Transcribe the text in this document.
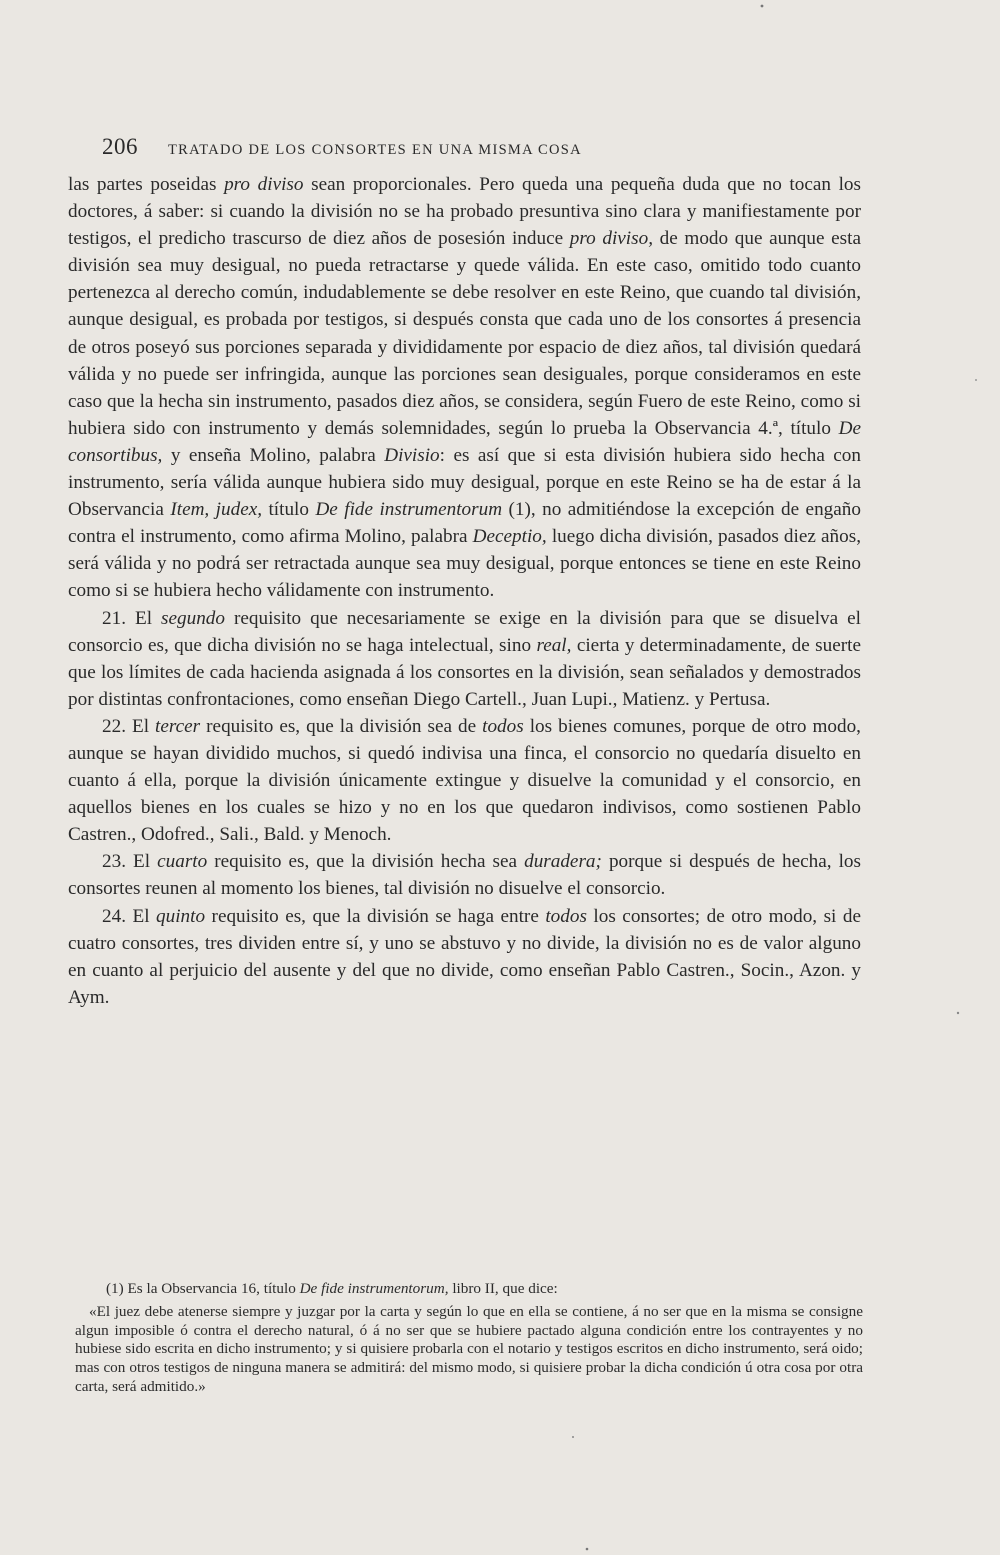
206 TRATADO DE LOS CONSORTES EN UNA MISMA COSA

las partes poseidas pro diviso sean proporcionales. Pero queda una pequeña duda que no tocan los doctores, á saber: si cuando la división no se ha probado presuntiva sino clara y manifiestamente por testigos, el predicho trascurso de diez años de posesión induce pro diviso, de modo que aunque esta división sea muy desigual, no pueda retractarse y quede válida. En este caso, omitido todo cuanto pertenezca al derecho común, indudablemente se debe resolver en este Reino, que cuando tal división, aunque desigual, es probada por testigos, si después consta que cada uno de los consortes á presencia de otros poseyó sus porciones separada y divididamente por espacio de diez años, tal división quedará válida y no puede ser infringida, aunque las porciones sean desiguales, porque consideramos en este caso que la hecha sin instrumento, pasados diez años, se considera, según Fuero de este Reino, como si hubiera sido con instrumento y demás solemnidades, según lo prueba la Observancia 4.ª, título De consortibus, y enseña Molino, palabra Divisio: es así que si esta división hubiera sido hecha con instrumento, sería válida aunque hubiera sido muy desigual, porque en este Reino se ha de estar á la Observancia Item, judex, título De fide instrumentorum (1), no admitiéndose la excepción de engaño contra el instrumento, como afirma Molino, palabra Deceptio, luego dicha división, pasados diez años, será válida y no podrá ser retractada aunque sea muy desigual, porque entonces se tiene en este Reino como si se hubiera hecho válidamente con instrumento.

21. El segundo requisito que necesariamente se exige en la división para que se disuelva el consorcio es, que dicha división no se haga intelectual, sino real, cierta y determinadamente, de suerte que los límites de cada hacienda asignada á los consortes en la división, sean señalados y demostrados por distintas confrontaciones, como enseñan Diego Cartell., Juan Lupi., Matienz. y Pertusa.

22. El tercer requisito es, que la división sea de todos los bienes comunes, porque de otro modo, aunque se hayan dividido muchos, si quedó indivisa una finca, el consorcio no quedaría disuelto en cuanto á ella, porque la división únicamente extingue y disuelve la comunidad y el consorcio, en aquellos bienes en los cuales se hizo y no en los que quedaron indivisos, como sostienen Pablo Castren., Odofred., Sali., Bald. y Menoch.

23. El cuarto requisito es, que la división hecha sea duradera; porque si después de hecha, los consortes reunen al momento los bienes, tal división no disuelve el consorcio.

24. El quinto requisito es, que la división se haga entre todos los consortes; de otro modo, si de cuatro consortes, tres dividen entre sí, y uno se abstuvo y no divide, la división no es de valor alguno en cuanto al perjuicio del ausente y del que no divide, como enseñan Pablo Castren., Socin., Azon. y Aym.

(1) Es la Observancia 16, título De fide instrumentorum, libro II, que dice:

«El juez debe atenerse siempre y juzgar por la carta y según lo que en ella se contiene, á no ser que en la misma se consigne algun imposible ó contra el derecho natural, ó á no ser que se hubiere pactado alguna condición entre los contrayentes y no hubiese sido escrita en dicho instrumento; y si quisiere probarla con el notario y testigos escritos en dicho instrumento, será oido; mas con otros testigos de ninguna manera se admitirá: del mismo modo, si quisiere probar la dicha condición ú otra cosa por otra carta, será admitido.»
